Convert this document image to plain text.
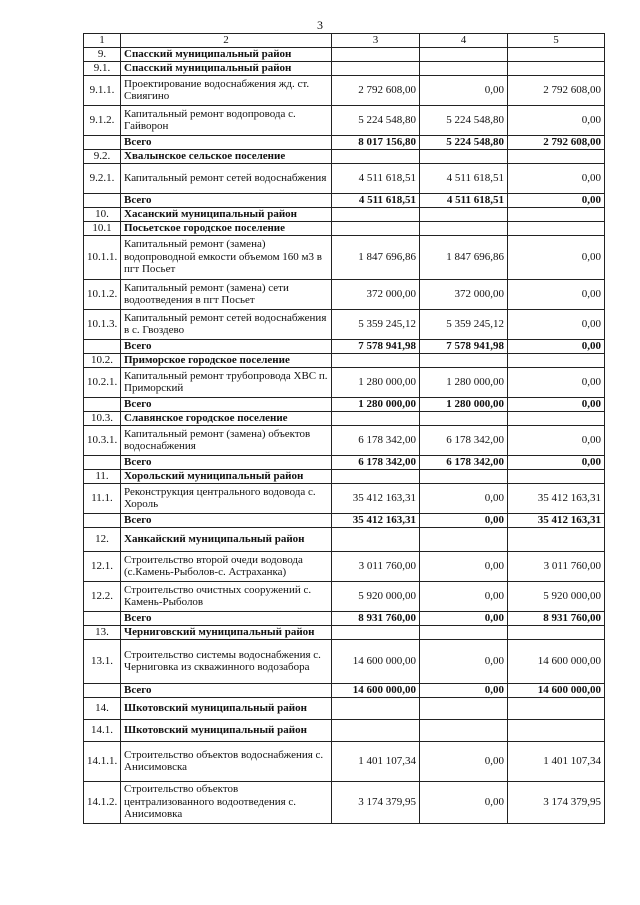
3
1	2	3	4	5
9.	Спасский муниципальный район			
9.1.	Спасский муниципальный район			
9.1.1.	Проектирование водоснабжения жд. ст. Свиягино	2 792 608,00	0,00	2 792 608,00
9.1.2.	Капитальный ремонт водопровода с. Гайворон	5 224 548,80	5 224 548,80	0,00
	Всего	8 017 156,80	5 224 548,80	2 792 608,00
9.2.	Хвалынское сельское поселение			
9.2.1.	Капитальный ремонт сетей водоснабжения	4 511 618,51	4 511 618,51	0,00
	Всего	4 511 618,51	4 511 618,51	0,00
10.	Хасанский муниципальный район			
10.1	Посьетское городское поселение			
10.1.1.	Капитальный ремонт (замена) водопроводной емкости объемом 160 м3 в пгт Посьет	1 847 696,86	1 847 696,86	0,00
10.1.2.	Капитальный ремонт (замена) сети водоотведения в пгт Посьет	372 000,00	372 000,00	0,00
10.1.3.	Капитальный ремонт сетей водоснабжения в с. Гвоздево	5 359 245,12	5 359 245,12	0,00
	Всего	7 578 941,98	7 578 941,98	0,00
10.2.	Приморское городское поселение			
10.2.1.	Капитальный ремонт трубопровода ХВС п. Приморский	1 280 000,00	1 280 000,00	0,00
	Всего	1 280 000,00	1 280 000,00	0,00
10.3.	Славянское городское поселение			
10.3.1.	Капитальный ремонт (замена) объектов водоснабжения	6 178 342,00	6 178 342,00	0,00
	Всего	6 178 342,00	6 178 342,00	0,00
11.	Хорольский муниципальный район			
11.1.	Реконструкция центрального водовода с. Хороль	35 412 163,31	0,00	35 412 163,31
	Всего	35 412 163,31	0,00	35 412 163,31
12.	Ханкайский муниципальный район			
12.1.	Строительство второй очеди водовода (с.Камень-Рыболов-с. Астраханка)	3 011 760,00	0,00	3 011 760,00
12.2.	Строительство очистных сооружений с. Камень-Рыболов	5 920 000,00	0,00	5 920 000,00
	Всего	8 931 760,00	0,00	8 931 760,00
13.	Черниговский муниципальный район			
13.1.	Строительство системы водоснабжения с. Черниговка из скважинного водозабора	14 600 000,00	0,00	14 600 000,00
	Всего	14 600 000,00	0,00	14 600 000,00
14.	Шкотовский муниципальный район			
14.1.	Шкотовский муниципальный район			
14.1.1.	Строительство объектов водоснабжения с. Анисимовска	1 401 107,34	0,00	1 401 107,34
14.1.2.	Строительство объектов централизованного водоотведения с. Анисимовка	3 174 379,95	0,00	3 174 379,95
